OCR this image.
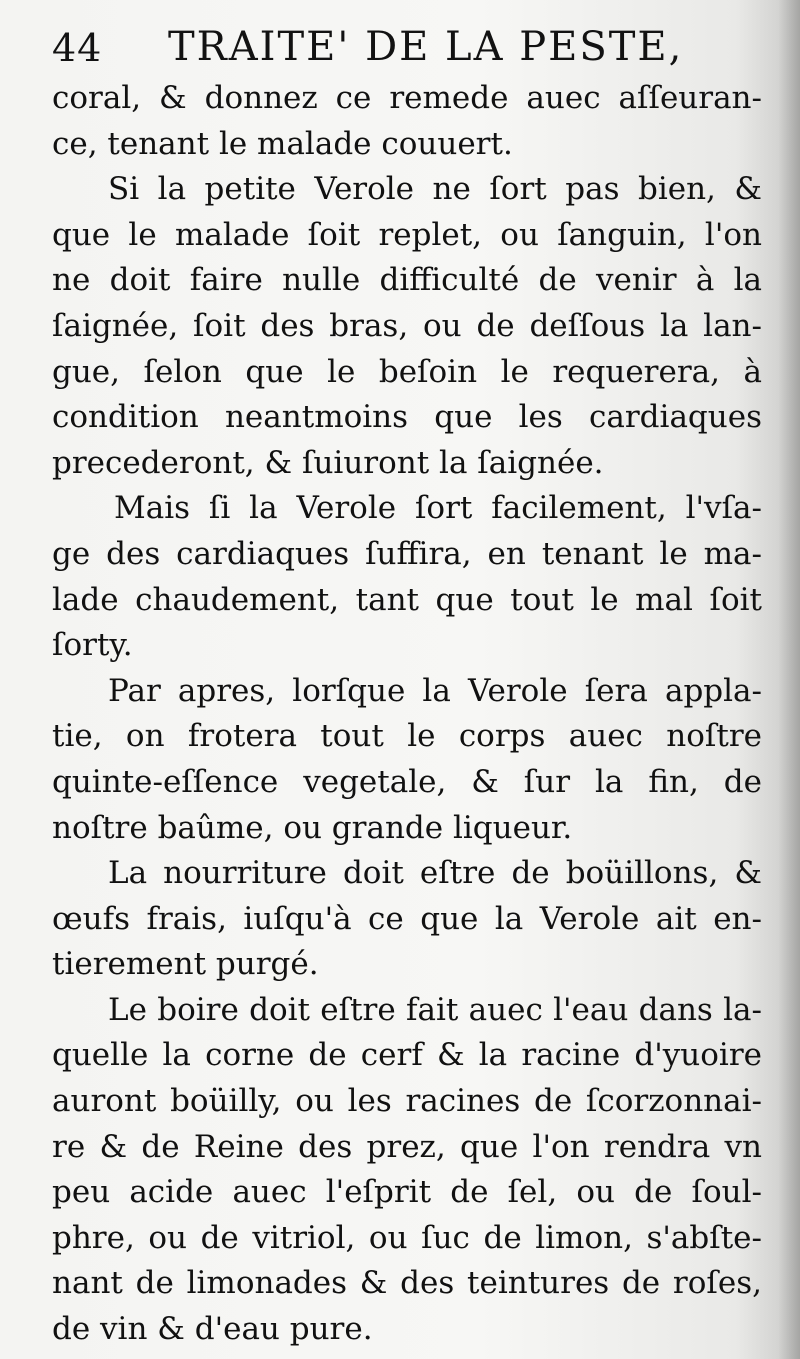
44 TRAITE' DE LA PESTE,
coral, & donnez ce remede auec aſſeuran-
ce, tenant le malade couuert.
Si la petite Verole ne ſort pas bien, &
que le malade ſoit replet, ou ſanguin, l'on
ne doit faire nulle difficulté de venir à la
ſaignée, ſoit des bras, ou de deſſous la lan-
gue, ſelon que le beſoin le requerera, à
condition neantmoins que les cardiaques
precederont, & ſuiuront la ſaignée.
Mais ſi la Verole ſort facilement, l'vſa-
ge des cardiaques ſuffira, en tenant le ma-
lade chaudement, tant que tout le mal ſoit
ſorty.
Par apres, lorſque la Verole ſera appla-
tie, on frotera tout le corps auec noſtre
quinte-eſſence vegetale, & ſur la fin, de
noſtre baûme, ou grande liqueur.
La nourriture doit eſtre de boüillons, &
œufs frais, iuſqu'à ce que la Verole ait en-
tierement purgé.
Le boire doit eſtre fait auec l'eau dans la-
quelle la corne de cerf & la racine d'yuoire
auront boüilly, ou les racines de ſcorzonnai-
re & de Reine des prez, que l'on rendra vn
peu acide auec l'eſprit de ſel, ou de ſoul-
phre, ou de vitriol, ou ſuc de limon, s'abſte-
nant de limonades & des teintures de roſes,
de vin & d'eau pure.
